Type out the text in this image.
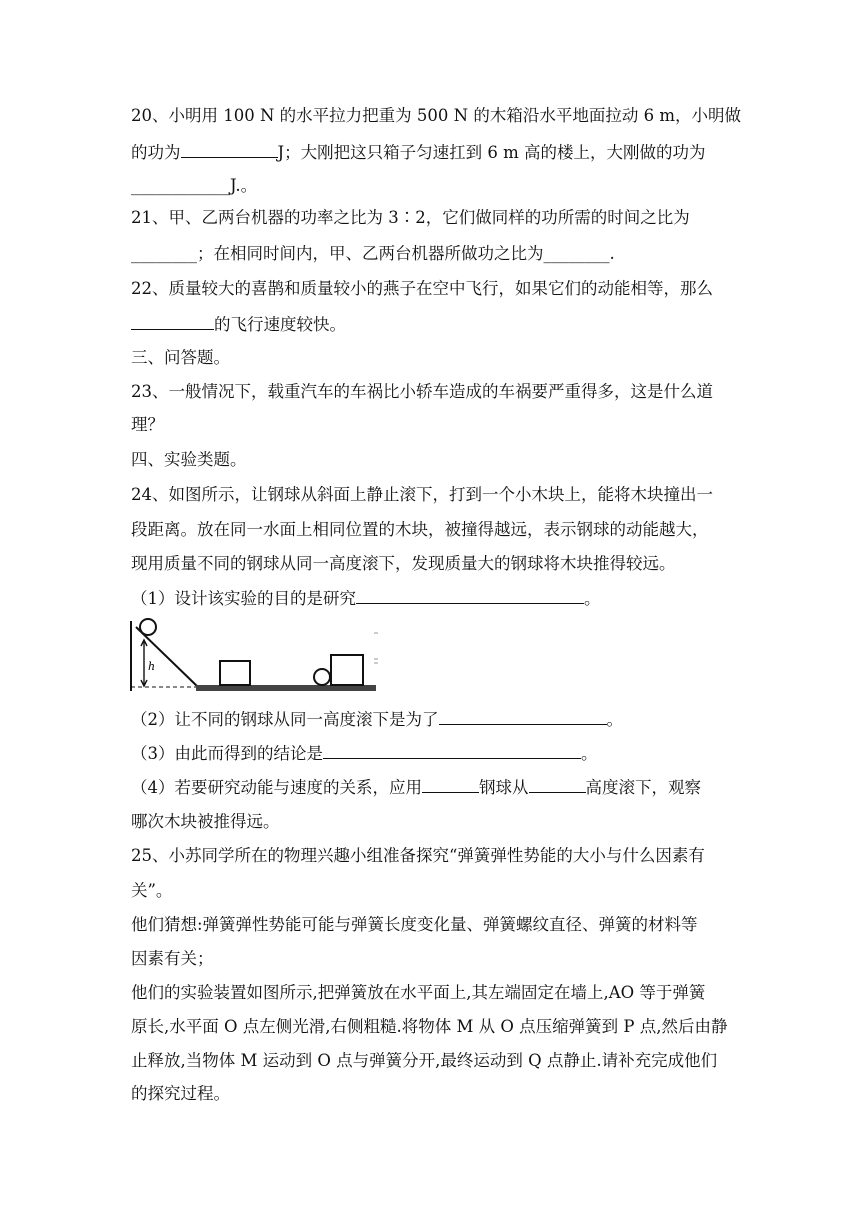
20、小明用 100 N 的水平拉力把重为 500 N 的木箱沿水平地面拉动 6 m，小明做
的功为	J；大刚把这只箱子匀速扛到 6 m 高的楼上，大刚做的功为
____________J.。
21、甲、乙两台机器的功率之比为 3∶2，它们做同样的功所需的时间之比为
________；在相同时间内，甲、乙两台机器所做功之比为________.
22、质量较大的喜鹊和质量较小的燕子在空中飞行，如果它们的动能相等，那么
的飞行速度较快。
三、问答题。
23、一般情况下，载重汽车的车祸比小轿车造成的车祸要严重得多，这是什么道
理？
四、实验类题。
24、如图所示，让钢球从斜面上静止滚下，打到一个小木块上，能将木块撞出一
段距离。放在同一水面上相同位置的木块，被撞得越远，表示钢球的动能越大，
现用质量不同的钢球从同一高度滚下，发现质量大的钢球将木块推得较远。
（1）设计该实验的目的是研究	。
h
（2）让不同的钢球从同一高度滚下是为了	。
（3）由此而得到的结论是	。
（4）若要研究动能与速度的关系，应用	钢球从	高度滚下，观察
哪次木块被推得远。
25、小苏同学所在的物理兴趣小组准备探究“弹簧弹性势能的大小与什么因素有
关”。
他们猜想:弹簧弹性势能可能与弹簧长度变化量、弹簧螺纹直径、弹簧的材料等
因素有关；
他们的实验装置如图所示,把弹簧放在水平面上,其左端固定在墙上,AO 等于弹簧
原长,水平面 O 点左侧光滑,右侧粗糙.将物体 M 从 O 点压缩弹簧到 P 点,然后由静
止释放,当物体 M 运动到 O 点与弹簧分开,最终运动到 Q 点静止.请补充完成他们
的探究过程。
